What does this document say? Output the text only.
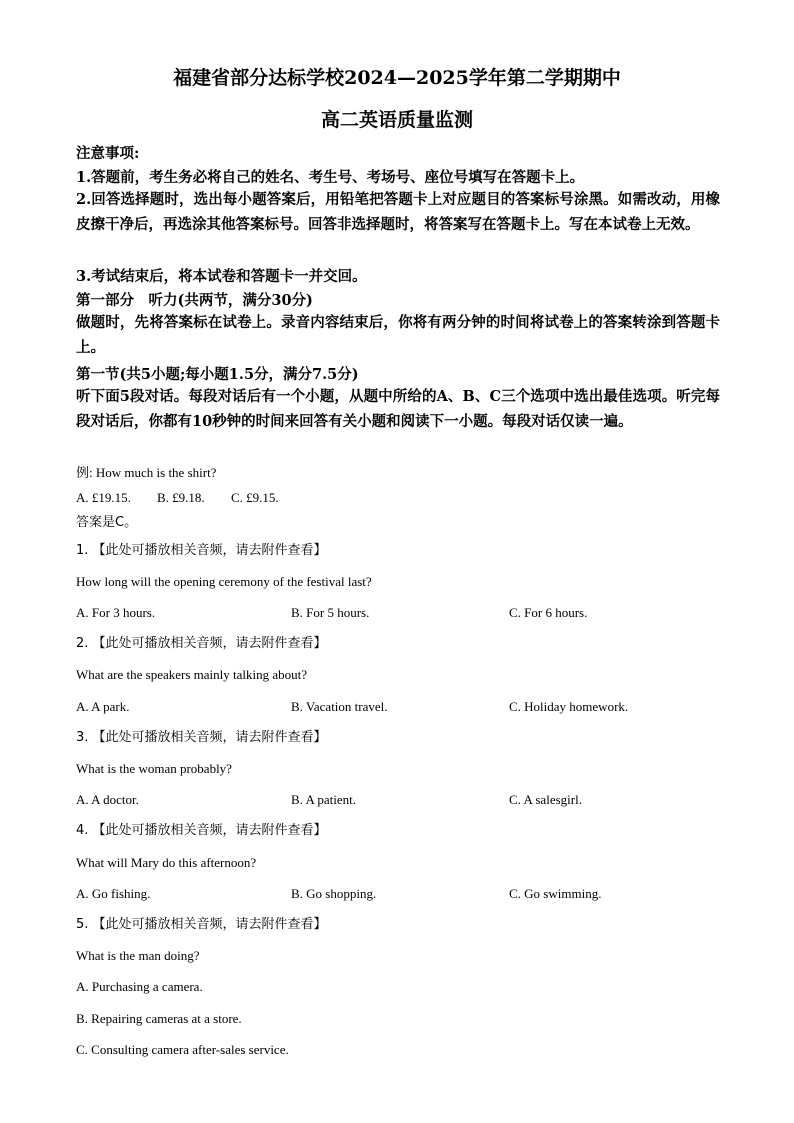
福建省部分达标学校2024—2025学年第二学期期中
高二英语质量监测
注意事项:
1.答题前，考生务必将自己的姓名、考生号、考场号、座位号填写在答题卡上。
2.回答选择题时，选出每小题答案后，用铅笔把答题卡上对应题目的答案标号涂黑。如需改动，用橡皮擦干净后，再选涂其他答案标号。回答非选择题时，将答案写在答题卡上。写在本试卷上无效。
3.考试结束后，将本试卷和答题卡一并交回。
第一部分　听力(共两节，满分30分)
做题时，先将答案标在试卷上。录音内容结束后，你将有两分钟的时间将试卷上的答案转涂到答题卡上。
第一节(共5小题;每小题1.5分，满分7.5分)
听下面5段对话。每段对话后有一个小题，从题中所给的A、B、C三个选项中选出最佳选项。听完每段对话后，你都有10秒钟的时间来回答有关小题和阅读下一小题。每段对话仅读一遍。
例: How much is the shirt?
A. £19.15. B. £9.18. C. £9.15.
答案是C。
1. 【此处可播放相关音频，请去附件查看】
How long will the opening ceremony of the festival last?
A. For 3 hours.	B. For 5 hours.	C. For 6 hours.
2. 【此处可播放相关音频，请去附件查看】
What are the speakers mainly talking about?
A. A park.	B. Vacation travel.	C. Holiday homework.
3. 【此处可播放相关音频，请去附件查看】
What is the woman probably?
A. A doctor.	B. A patient.	C. A salesgirl.
4. 【此处可播放相关音频，请去附件查看】
What will Mary do this afternoon?
A. Go fishing.	B. Go shopping.	C. Go swimming.
5. 【此处可播放相关音频，请去附件查看】
What is the man doing?
A. Purchasing a camera.
B. Repairing cameras at a store.
C. Consulting camera after-sales service.
